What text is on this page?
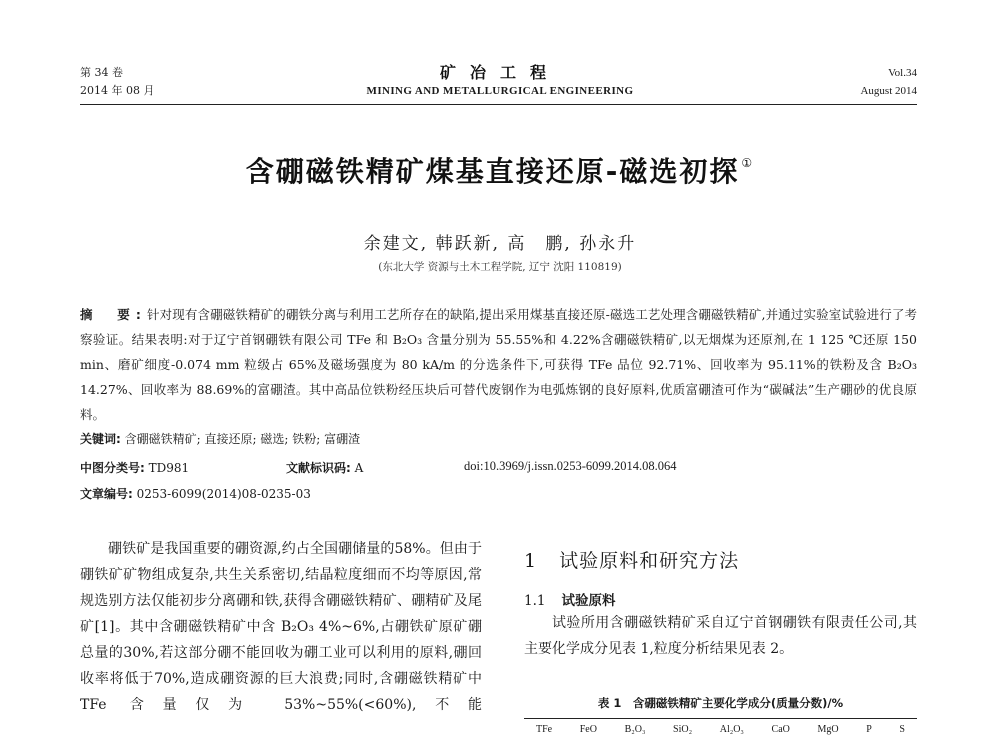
第 34 卷
2014 年 08 月
矿冶工程
MINING AND METALLURGICAL ENGINEERING
Vol.34
August 2014
含硼磁铁精矿煤基直接还原-磁选初探 ①
余建文, 韩跃新, 高　鹏, 孙永升
(东北大学 资源与土木工程学院, 辽宁 沈阳 110819)
摘　要:针对现有含硼磁铁精矿的硼铁分离与利用工艺所存在的缺陷,提出采用煤基直接还原-磁选工艺处理含硼磁铁精矿,并通过实验室试验进行了考察验证。结果表明:对于辽宁首钢硼铁有限公司 TFe 和 B₂O₃ 含量分别为 55.55%和 4.22%含硼磁铁精矿,以无烟煤为还原剂,在 1 125 ℃还原 150 min、磨矿细度-0.074 mm 粒级占 65%及磁场强度为 80 kA/m 的分选条件下,可获得 TFe 品位 92.71%、回收率为 95.11%的铁粉及含 B₂O₃ 14.27%、回收率为 88.69%的富硼渣。其中高品位铁粉经压块后可替代废钢作为电弧炼钢的良好原料,优质富硼渣可作为“碳碱法”生产硼砂的优良原料。
关键词: 含硼磁铁精矿; 直接还原; 磁选; 铁粉; 富硼渣
中图分类号: TD981	文献标识码: A	doi:10.3969/j.issn.0253-6099.2014.08.064
文章编号: 0253-6099(2014)08-0235-03

硼铁矿是我国重要的硼资源,约占全国硼储量的58%。但由于硼铁矿矿物组成复杂,共生关系密切,结晶粒度细而不均等原因,常规选别方法仅能初步分离硼和铁,获得含硼磁铁精矿、硼精矿及尾矿[1]。其中含硼磁铁精矿中含 B₂O₃ 4%~6%,占硼铁矿原矿硼总量的30%,若这部分硼不能回收为硼工业可以利用的原料,硼回收率将低于70%,造成硼资源的巨大浪费;同时,含硼磁铁精矿中 TFe 含量仅为 53%~55%(<60%),不能

1 试验原料和研究方法
1.1 试验原料

试验所用含硼磁铁精矿采自辽宁首钢硼铁有限责任公司,其主要化学成分见表 1,粒度分析结果见表 2。

表 1　含硼磁铁精矿主要化学成分(质量分数)/%
TFe	FeO	B₂O₃	SiO₂	Al₂O₃	CaO	MgO	P	S
